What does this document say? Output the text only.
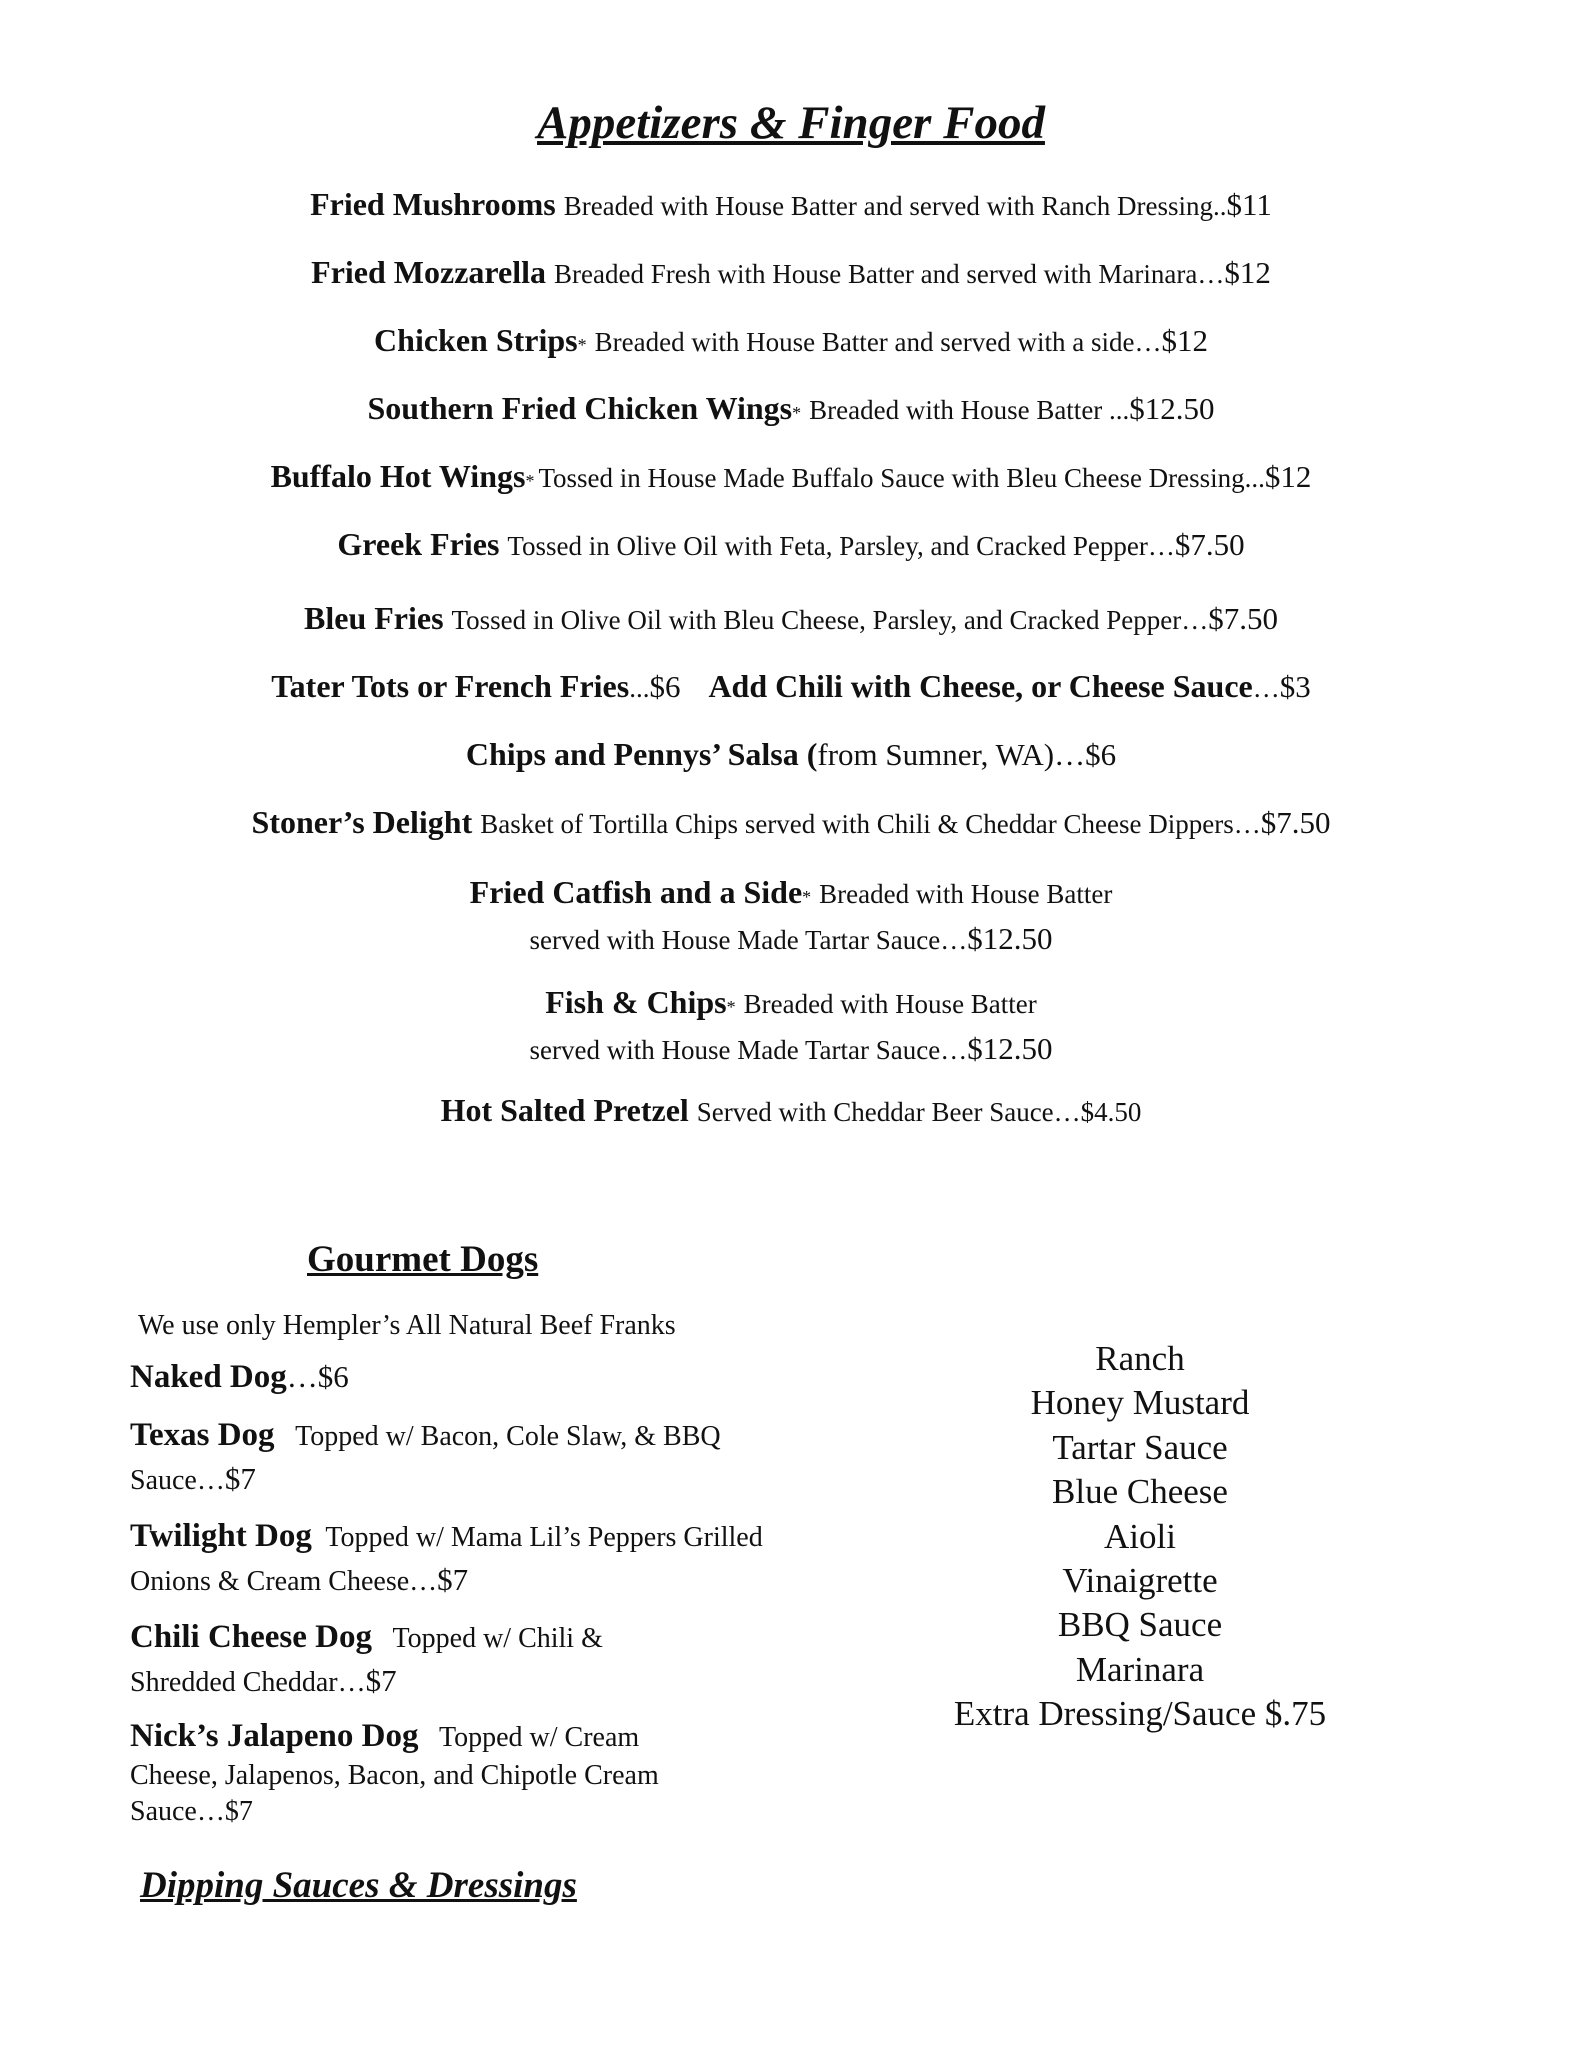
Appetizers & Finger Food
Fried Mushrooms Breaded with House Batter and served with Ranch Dressing..$11
Fried Mozzarella Breaded Fresh with House Batter and served with Marinara…$12
Chicken Strips* Breaded with House Batter and served with a side…$12
Southern Fried Chicken Wings* Breaded with House Batter ...$12.50
Buffalo Hot Wings* Tossed in House Made Buffalo Sauce with Bleu Cheese Dressing...$12
Greek Fries Tossed in Olive Oil with Feta, Parsley, and Cracked Pepper…$7.50
Bleu Fries Tossed in Olive Oil with Bleu Cheese, Parsley, and Cracked Pepper…$7.50
Tater Tots or French Fries...$6 Add Chili with Cheese, or Cheese Sauce…$3
Chips and Pennys’ Salsa (from Sumner, WA)…$6
Stoner’s Delight Basket of Tortilla Chips served with Chili & Cheddar Cheese Dippers…$7.50
Fried Catfish and a Side* Breaded with House Batter
served with House Made Tartar Sauce…$12.50
Fish & Chips* Breaded with House Batter
served with House Made Tartar Sauce…$12.50
Hot Salted Pretzel Served with Cheddar Beer Sauce…$4.50
Gourmet Dogs
We use only Hempler’s All Natural Beef Franks
Naked Dog…$6
Texas Dog Topped w/ Bacon, Cole Slaw, & BBQ Sauce…$7
Twilight Dog Topped w/ Mama Lil’s Peppers Grilled Onions & Cream Cheese…$7
Chili Cheese Dog Topped w/ Chili & Shredded Cheddar…$7
Nick’s Jalapeno Dog Topped w/ Cream Cheese, Jalapenos, Bacon, and Chipotle Cream Sauce…$7
Ranch
Honey Mustard
Tartar Sauce
Blue Cheese
Aioli
Vinaigrette
BBQ Sauce
Marinara
Extra Dressing/Sauce $.75
Dipping Sauces & Dressings
